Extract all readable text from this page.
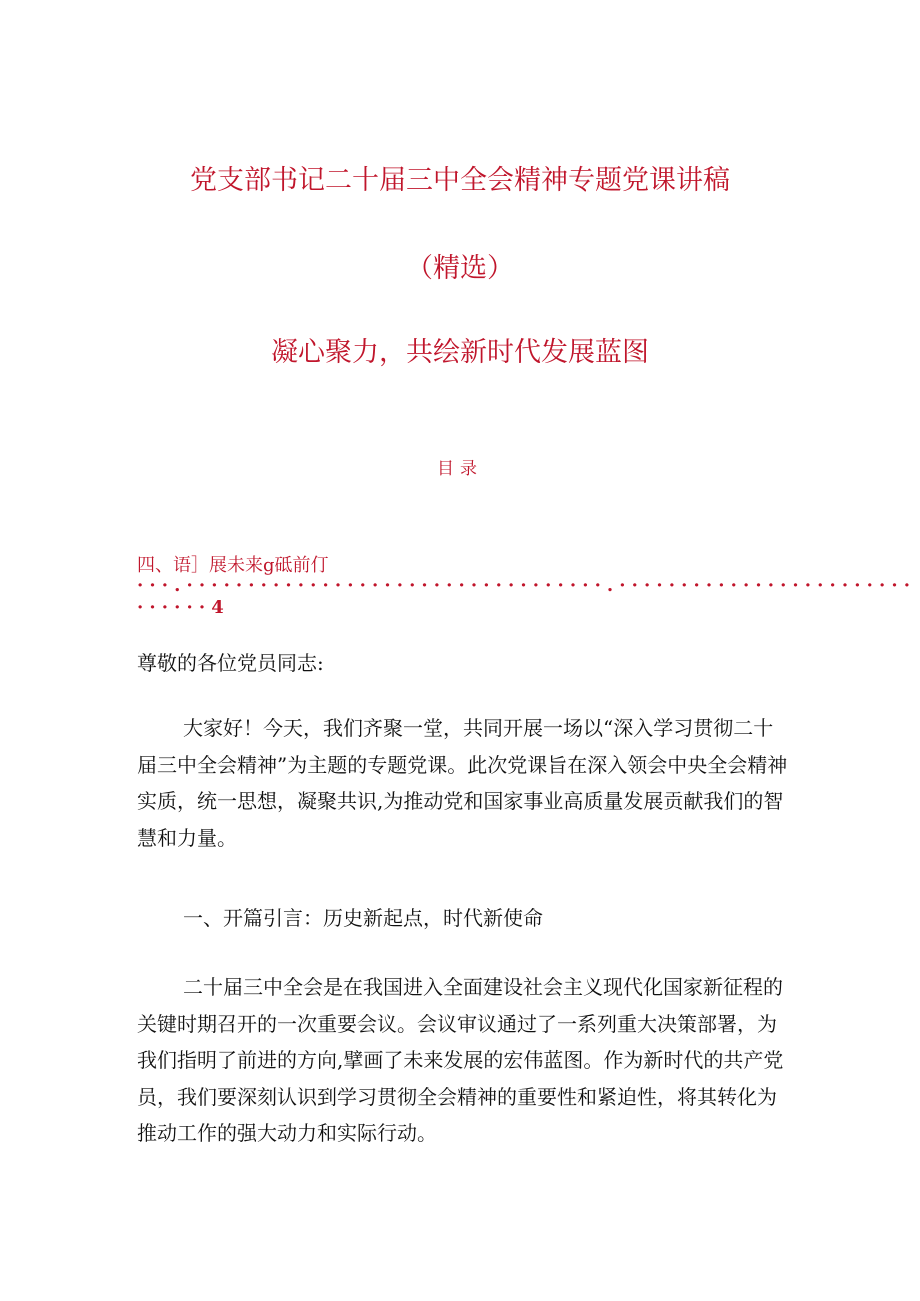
党支部书记二十届三中全会精神专题党课讲稿
（精选）
凝心聚力，共绘新时代发展蓝图
目录
四、语］展未来g砥前仃
···.··································.························
······4
尊敬的各位党员同志:
大家好！今天，我们齐聚一堂，共同开展一场以“深入学习贯彻二十届三中全会精神”为主题的专题党课。此次党课旨在深入领会中央全会精神实质，统一思想，凝聚共识,为推动党和国家事业高质量发展贡献我们的智慧和力量。
一、开篇引言：历史新起点，时代新使命
二十届三中全会是在我国进入全面建设社会主义现代化国家新征程的关键时期召开的一次重要会议。会议审议通过了一系列重大决策部署，为我们指明了前进的方向,擘画了未来发展的宏伟蓝图。作为新时代的共产党员，我们要深刻认识到学习贯彻全会精神的重要性和紧迫性，将其转化为推动工作的强大动力和实际行动。
